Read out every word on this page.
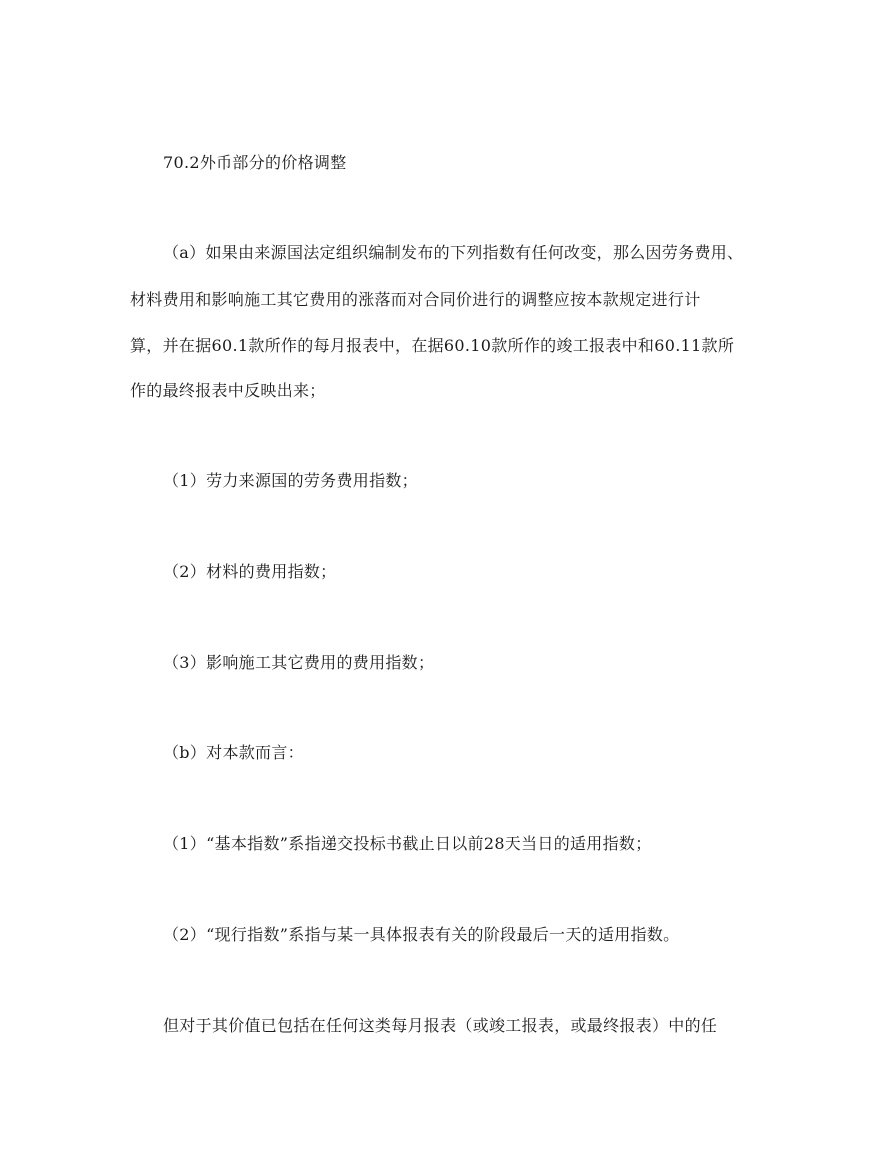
70.2外币部分的价格调整
（a）如果由来源国法定组织编制发布的下列指数有任何改变，那么因劳务费用、
材料费用和影响施工其它费用的涨落而对合同价进行的调整应按本款规定进行计
算，并在据60.1款所作的每月报表中，在据60.10款所作的竣工报表中和60.11款所
作的最终报表中反映出来；
（1）劳力来源国的劳务费用指数；
（2）材料的费用指数；
（3）影响施工其它费用的费用指数；
（b）对本款而言：
（1）“基本指数”系指递交投标书截止日以前28天当日的适用指数；
（2）“现行指数”系指与某一具体报表有关的阶段最后一天的适用指数。
但对于其价值已包括在任何这类每月报表（或竣工报表，或最终报表）中的任
